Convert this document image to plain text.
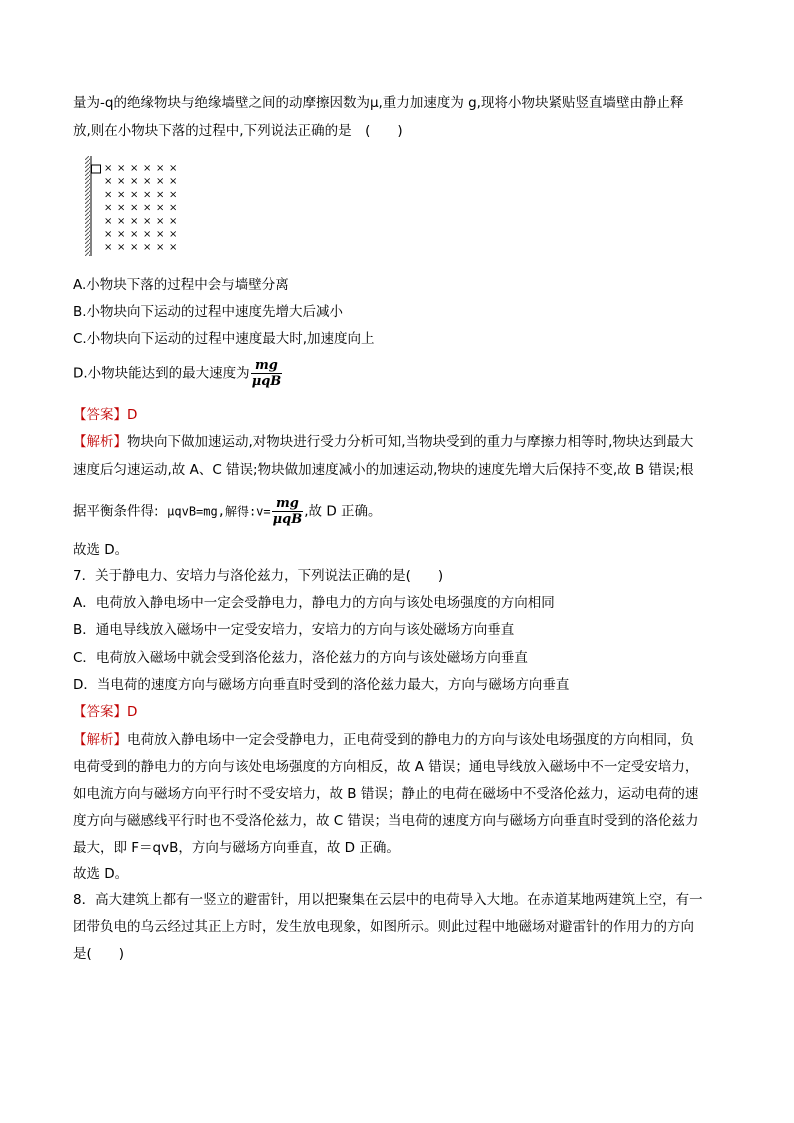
量为-q的绝缘物块与绝缘墙壁之间的动摩擦因数为μ,重力加速度为 g,现将小物块紧贴竖直墙壁由静止释
放,则在小物块下落的过程中,下列说法正确的是　(　　)
× × × × × ×
× × × × × ×
× × × × × ×
× × × × × ×
× × × × × ×
× × × × × ×
× × × × × ×
A.小物块下落的过程中会与墙壁分离
B.小物块向下运动的过程中速度先增大后减小
C.小物块向下运动的过程中速度最大时,加速度向上
D.小物块能达到的最大速度为 $\frac{mg}{\text{μqB}}$
【答案】D
【解析】物块向下做加速运动,对物块进行受力分析可知,当物块受到的重力与摩擦力相等时,物块达到最大
速度后匀速运动,故 A、C 错误;物块做加速度减小的加速运动,物块的速度先增大后保持不变,故 B 错误;根
据平衡条件得: μqvB=mg,解得:v= $\frac{mg}{\text{μqB}}$ ,故 D 正确。
故选 D。
7．关于静电力、安培力与洛伦兹力，下列说法正确的是(　　)
A．电荷放入静电场中一定会受静电力，静电力的方向与该处电场强度的方向相同
B．通电导线放入磁场中一定受安培力，安培力的方向与该处磁场方向垂直
C．电荷放入磁场中就会受到洛伦兹力，洛伦兹力的方向与该处磁场方向垂直
D．当电荷的速度方向与磁场方向垂直时受到的洛伦兹力最大，方向与磁场方向垂直
【答案】D
【解析】电荷放入静电场中一定会受静电力，正电荷受到的静电力的方向与该处电场强度的方向相同，负
电荷受到的静电力的方向与该处电场强度的方向相反，故 A 错误；通电导线放入磁场中不一定受安培力，
如电流方向与磁场方向平行时不受安培力，故 B 错误；静止的电荷在磁场中不受洛伦兹力，运动电荷的速
度方向与磁感线平行时也不受洛伦兹力，故 C 错误；当电荷的速度方向与磁场方向垂直时受到的洛伦兹力
最大，即 F＝qvB，方向与磁场方向垂直，故 D 正确。
故选 D。
8．高大建筑上都有一竖立的避雷针，用以把聚集在云层中的电荷导入大地。在赤道某地两建筑上空，有一
团带负电的乌云经过其正上方时，发生放电现象，如图所示。则此过程中地磁场对避雷针的作用力的方向
是(　　)
